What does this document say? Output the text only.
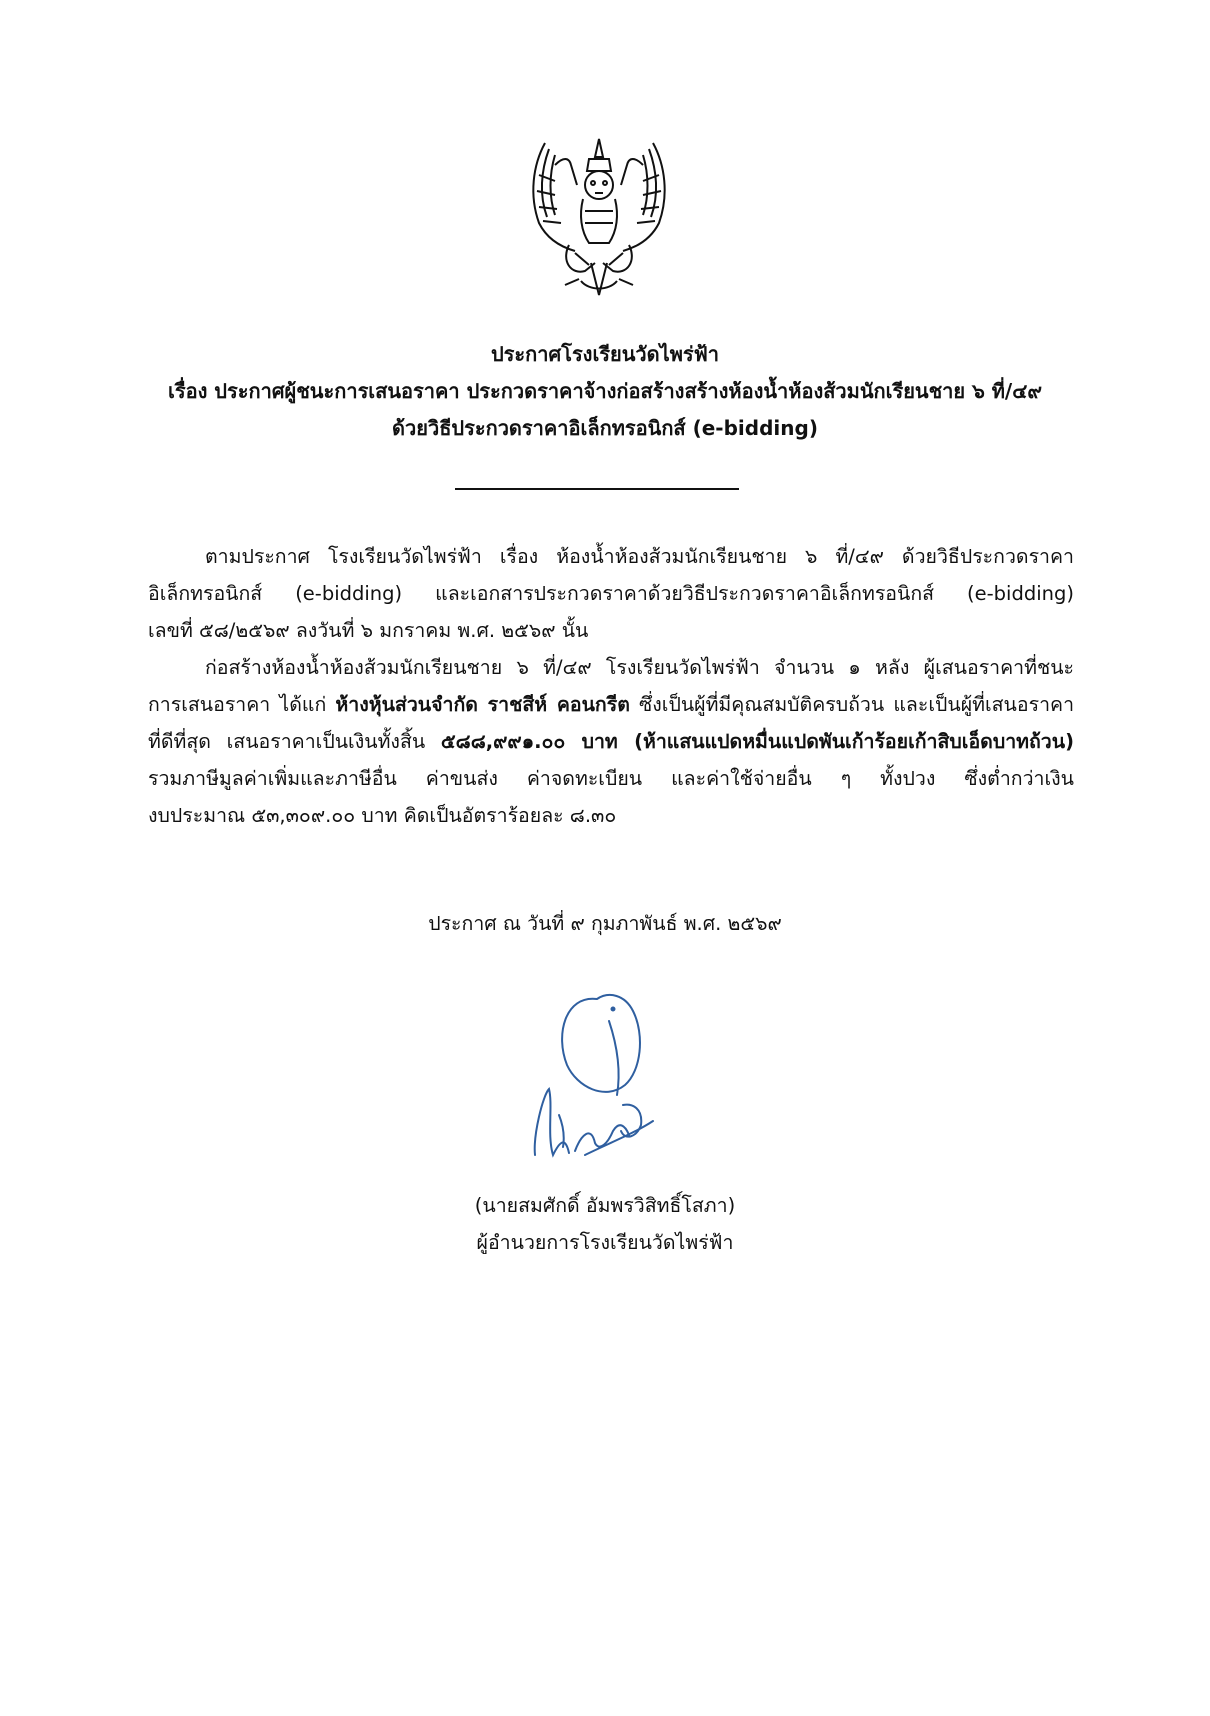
ประกาศโรงเรียนวัดไพร่ฟ้า
เรื่อง ประกาศผู้ชนะการเสนอราคา ประกวดราคาจ้างก่อสร้างสร้างห้องน้ำห้องส้วมนักเรียนชาย ๖ ที่/๔๙
ด้วยวิธีประกวดราคาอิเล็กทรอนิกส์ (e-bidding)
ตามประกาศ โรงเรียนวัดไพร่ฟ้า เรื่อง ห้องน้ำห้องส้วมนักเรียนชาย ๖ ที่/๔๙ ด้วยวิธีประกวดราคา
อิเล็กทรอนิกส์ (e-bidding) และเอกสารประกวดราคาด้วยวิธีประกวดราคาอิเล็กทรอนิกส์ (e-bidding)
เลขที่ ๕๘/๒๕๖๙ ลงวันที่ ๖ มกราคม พ.ศ. ๒๕๖๙ นั้น
ก่อสร้างห้องน้ำห้องส้วมนักเรียนชาย ๖ ที่/๔๙ โรงเรียนวัดไพร่ฟ้า จำนวน ๑ หลัง ผู้เสนอราคาที่ชนะ
การเสนอราคา ได้แก่ ห้างหุ้นส่วนจำกัด ราชสีห์ คอนกรีต ซึ่งเป็นผู้ที่มีคุณสมบัติครบถ้วน และเป็นผู้ที่เสนอราคา
ที่ดีที่สุด เสนอราคาเป็นเงินทั้งสิ้น ๕๘๘,๙๙๑.๐๐ บาท (ห้าแสนแปดหมื่นแปดพันเก้าร้อยเก้าสิบเอ็ดบาทถ้วน)
รวมภาษีมูลค่าเพิ่มและภาษีอื่น ค่าขนส่ง ค่าจดทะเบียน และค่าใช้จ่ายอื่น ๆ ทั้งปวง ซึ่งต่ำกว่าเงิน
งบประมาณ ๕๓,๓๐๙.๐๐ บาท คิดเป็นอัตราร้อยละ ๘.๓๐
ประกาศ ณ วันที่ ๙ กุมภาพันธ์ พ.ศ. ๒๕๖๙
(นายสมศักดิ์ อัมพรวิสิทธิ์โสภา)
ผู้อำนวยการโรงเรียนวัดไพร่ฟ้า
